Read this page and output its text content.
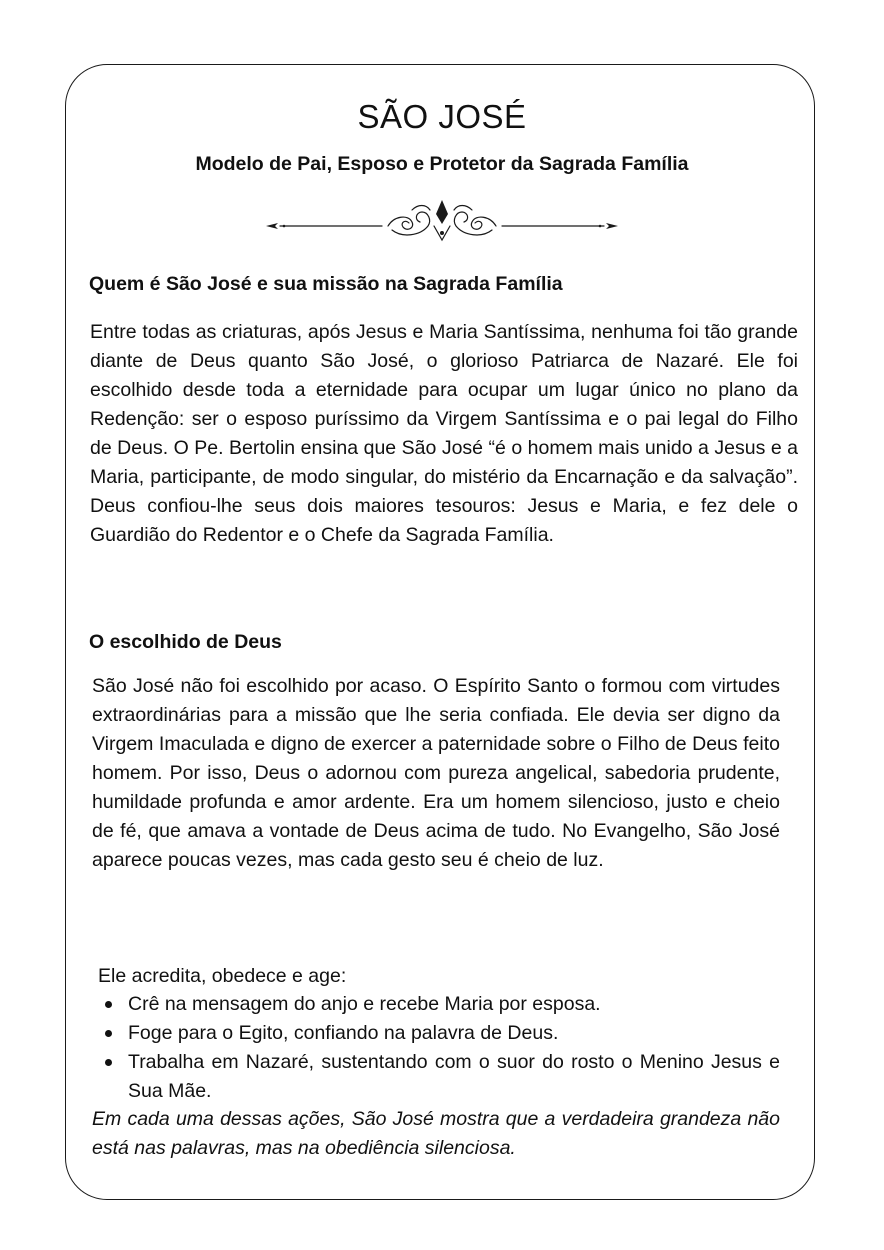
SÃO JOSÉ
Modelo de Pai, Esposo e Protetor da Sagrada Família
Quem é São José e sua missão na Sagrada Família

Entre todas as criaturas, após Jesus e Maria Santíssima, nenhuma foi tão grande diante de Deus quanto São José, o glorioso Patriarca de Nazaré. Ele foi escolhido desde toda a eternidade para ocupar um lugar único no plano da Redenção: ser o esposo puríssimo da Virgem Santíssima e o pai legal do Filho de Deus. O Pe. Bertolin ensina que São José “é o homem mais unido a Jesus e a Maria, participante, de modo singular, do mistério da Encarnação e da salvação”. Deus confiou-lhe seus dois maiores tesouros: Jesus e Maria, e fez dele o Guardião do Redentor e o Chefe da Sagrada Família.

O escolhido de Deus

São José não foi escolhido por acaso. O Espírito Santo o formou com virtudes extraordinárias para a missão que lhe seria confiada. Ele devia ser digno da Virgem Imaculada e digno de exercer a paternidade sobre o Filho de Deus feito homem. Por isso, Deus o adornou com pureza angelical, sabedoria prudente, humildade profunda e amor ardente. Era um homem silencioso, justo e cheio de fé, que amava a vontade de Deus acima de tudo. No Evangelho, São José aparece poucas vezes, mas cada gesto seu é cheio de luz.

Ele acredita, obedece e age:

Crê na mensagem do anjo e recebe Maria por esposa.
Foge para o Egito, confiando na palavra de Deus.
Trabalha em Nazaré, sustentando com o suor do rosto o Menino Jesus e Sua Mãe.

Em cada uma dessas ações, São José mostra que a verdadeira grandeza não está nas palavras, mas na obediência silenciosa.
